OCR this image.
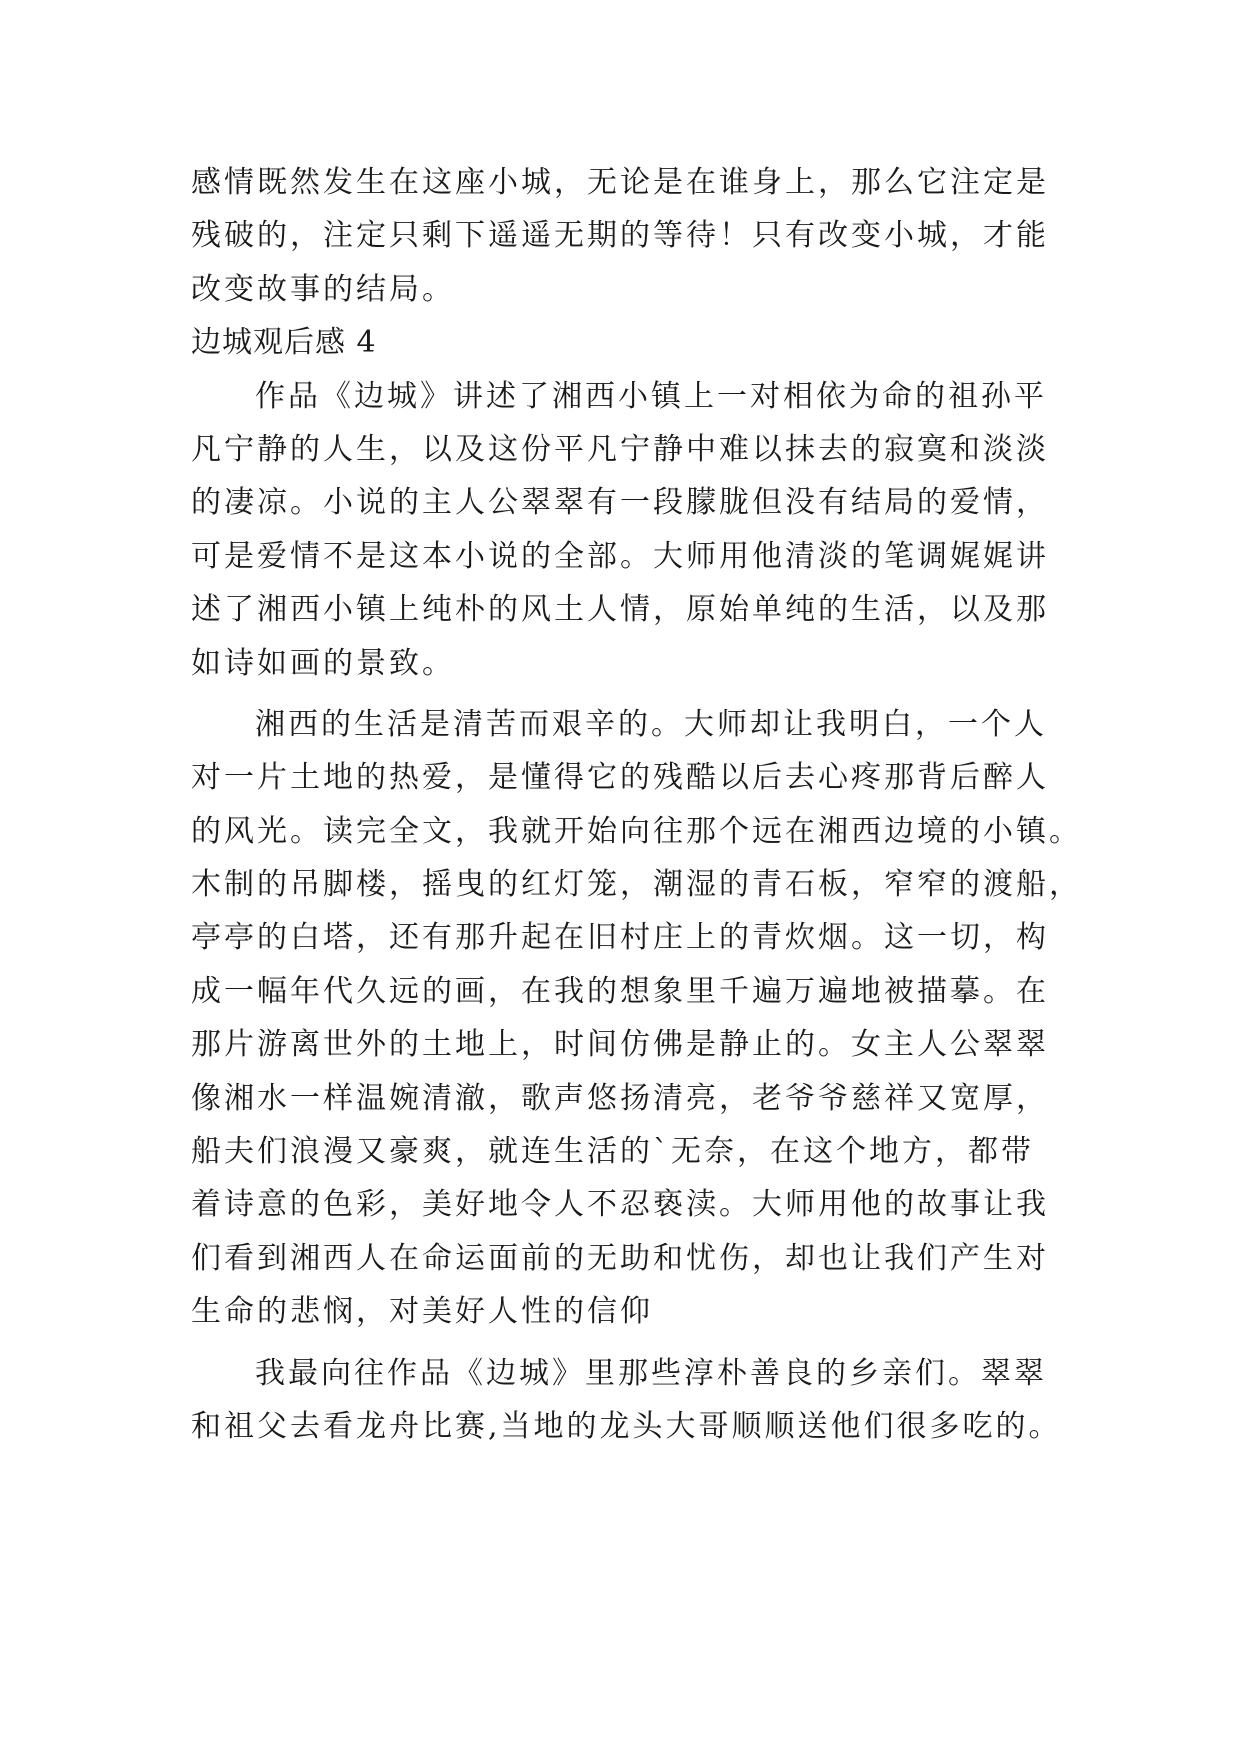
感情既然发生在这座小城，无论是在谁身上，那么它注定是
残破的，注定只剩下遥遥无期的等待！只有改变小城，才能
改变故事的结局。
边城观后感 4
作品《边城》讲述了湘西小镇上一对相依为命的祖孙平
凡宁静的人生，以及这份平凡宁静中难以抹去的寂寞和淡淡
的凄凉。小说的主人公翠翠有一段朦胧但没有结局的爱情，
可是爱情不是这本小说的全部。大师用他清淡的笔调娓娓讲
述了湘西小镇上纯朴的风土人情，原始单纯的生活，以及那
如诗如画的景致。
湘西的生活是清苦而艰辛的。大师却让我明白，一个人
对一片土地的热爱，是懂得它的残酷以后去心疼那背后醉人
的风光。读完全文，我就开始向往那个远在湘西边境的小镇。
木制的吊脚楼，摇曳的红灯笼，潮湿的青石板，窄窄的渡船，
亭亭的白塔，还有那升起在旧村庄上的青炊烟。这一切，构
成一幅年代久远的画，在我的想象里千遍万遍地被描摹。在
那片游离世外的土地上，时间仿佛是静止的。女主人公翠翠
像湘水一样温婉清澈，歌声悠扬清亮，老爷爷慈祥又宽厚，
船夫们浪漫又豪爽，就连生活的`无奈，在这个地方，都带
着诗意的色彩，美好地令人不忍亵渎。大师用他的故事让我
们看到湘西人在命运面前的无助和忧伤，却也让我们产生对
生命的悲悯，对美好人性的信仰
我最向往作品《边城》里那些淳朴善良的乡亲们。翠翠
和祖父去看龙舟比赛,当地的龙头大哥顺顺送他们很多吃的。
